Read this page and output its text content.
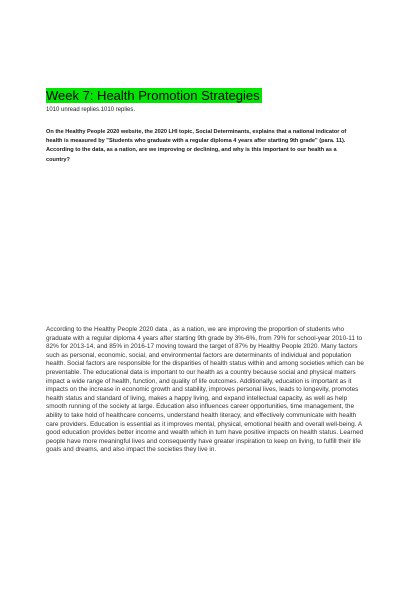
Week 7: Health Promotion Strategies
1010 unread replies.1010 replies.

On the Healthy People 2020 website, the 2020 LHI topic, Social Determinants, explains that a national indicator of health is measured by "Students who graduate with a regular diploma 4 years after starting 9th grade" (para. 11). According to the data, as a nation, are we improving or declining, and why is this important to our health as a country?

According to the Healthy People 2020 data , as a nation, we are improving the proportion of students who graduate with a regular diploma 4 years after starting 9th grade by 3%-6%, from 79% for school-year 2010-11 to 82% for 2013-14, and 85% in 2016-17 moving toward the target of 87% by Healthy People 2020. Many factors such as personal, economic, social, and environmental factors are determinants of individual and population health. Social factors are responsible for the disparities of health status within and among societies which can be preventable. The educational data is important to our health as a country because social and physical matters impact a wide range of health, function, and quality of life outcomes. Additionally, education is important as it impacts on the increase in economic growth and stability, improves personal lives, leads to longevity, promotes health status and standard of living, makes a happy living, and expand intellectual capacity, as well as help smooth running of the society at large. Education also influences career opportunities, time management, the ability to take hold of healthcare concerns, understand health literacy, and effectively communicate with health care providers. Education is essential as it improves mental, physical, emotional health and overall well-being. A good education provides better income and wealth which in turn have positive impacts on health status. Learned people have more meaningful lives and consequently have greater inspiration to keep on living, to fulfill their life goals and dreams, and also impact the societies they live in.
